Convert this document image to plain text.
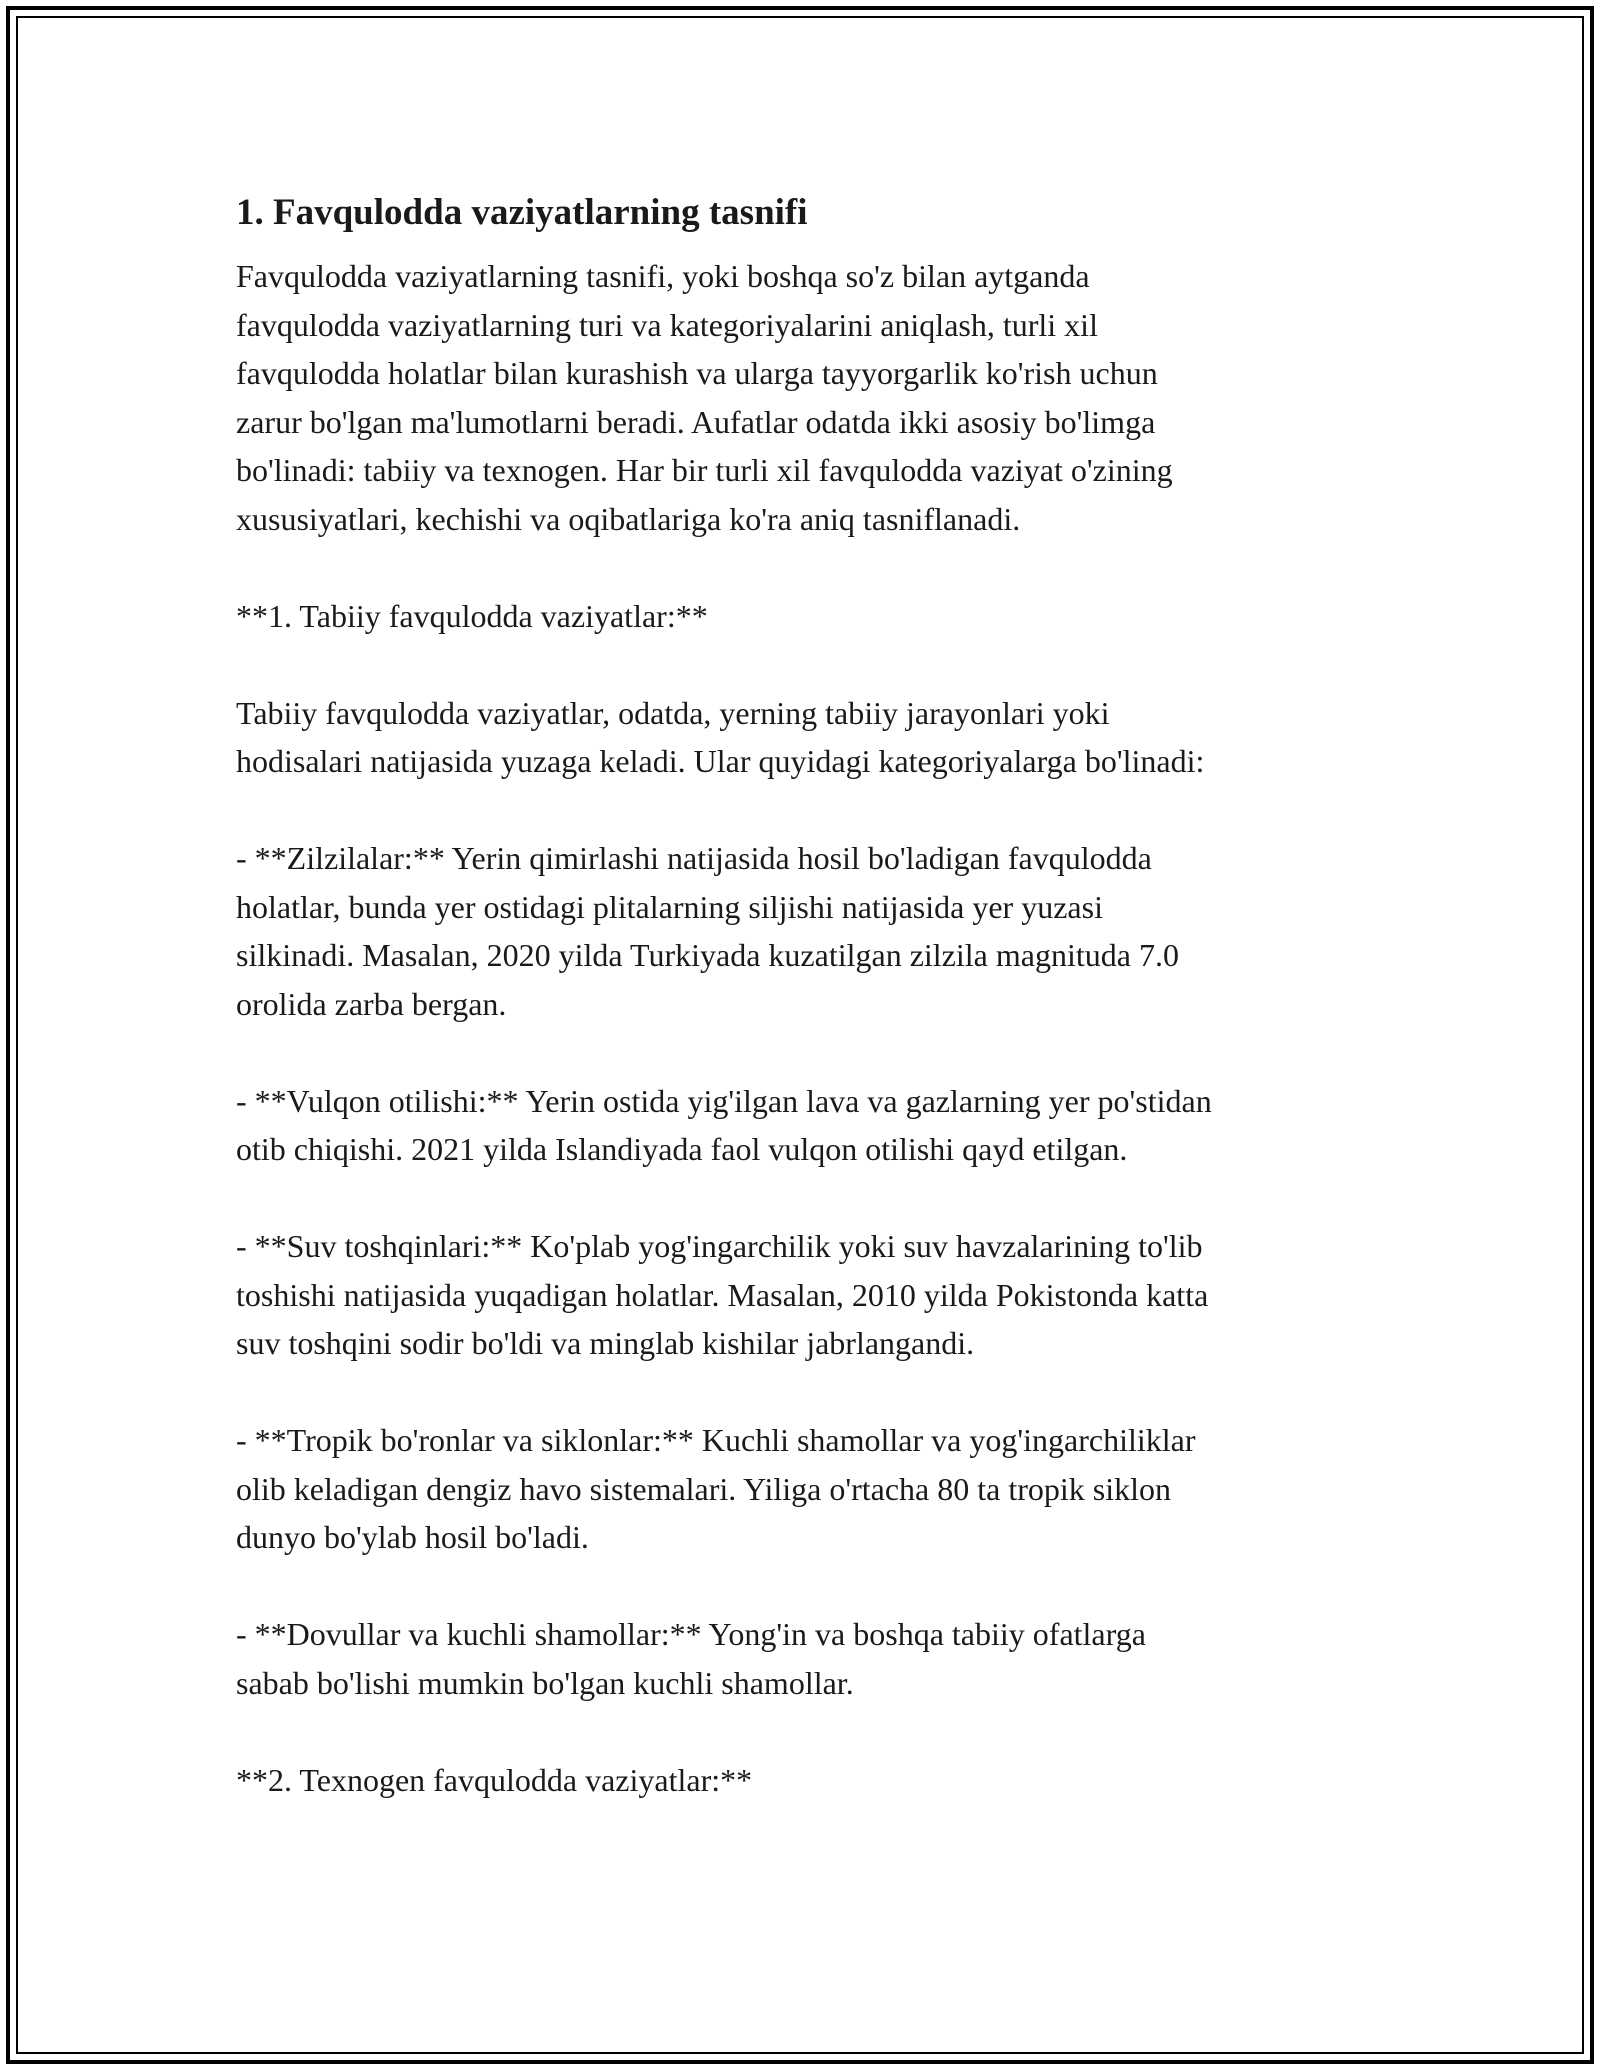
1. Favqulodda vaziyatlarning tasnifi

Favqulodda vaziyatlarning tasnifi, yoki boshqa so'z bilan aytganda
favqulodda vaziyatlarning turi va kategoriyalarini aniqlash, turli xil
favqulodda holatlar bilan kurashish va ularga tayyorgarlik ko'rish uchun
zarur bo'lgan ma'lumotlarni beradi. Aufatlar odatda ikki asosiy bo'limga
bo'linadi: tabiiy va texnogen. Har bir turli xil favqulodda vaziyat o'zining
xususiyatlari, kechishi va oqibatlariga ko'ra aniq tasniflanadi.

**1. Tabiiy favqulodda vaziyatlar:**

Tabiiy favqulodda vaziyatlar, odatda, yerning tabiiy jarayonlari yoki
hodisalari natijasida yuzaga keladi. Ular quyidagi kategoriyalarga bo'linadi:

- **Zilzilalar:** Yerin qimirlashi natijasida hosil bo'ladigan favqulodda
holatlar, bunda yer ostidagi plitalarning siljishi natijasida yer yuzasi
silkinadi. Masalan, 2020 yilda Turkiyada kuzatilgan zilzila magnituda 7.0
orolida zarba bergan.

- **Vulqon otilishi:** Yerin ostida yig'ilgan lava va gazlarning yer po'stidan
otib chiqishi. 2021 yilda Islandiyada faol vulqon otilishi qayd etilgan.

- **Suv toshqinlari:** Ko'plab yog'ingarchilik yoki suv havzalarining to'lib
toshishi natijasida yuqadigan holatlar. Masalan, 2010 yilda Pokistonda katta
suv toshqini sodir bo'ldi va minglab kishilar jabrlangandi.

- **Tropik bo'ronlar va siklonlar:** Kuchli shamollar va yog'ingarchiliklar
olib keladigan dengiz havo sistemalari. Yiliga o'rtacha 80 ta tropik siklon
dunyo bo'ylab hosil bo'ladi.

- **Dovullar va kuchli shamollar:** Yong'in va boshqa tabiiy ofatlarga
sabab bo'lishi mumkin bo'lgan kuchli shamollar.

**2. Texnogen favqulodda vaziyatlar:**
